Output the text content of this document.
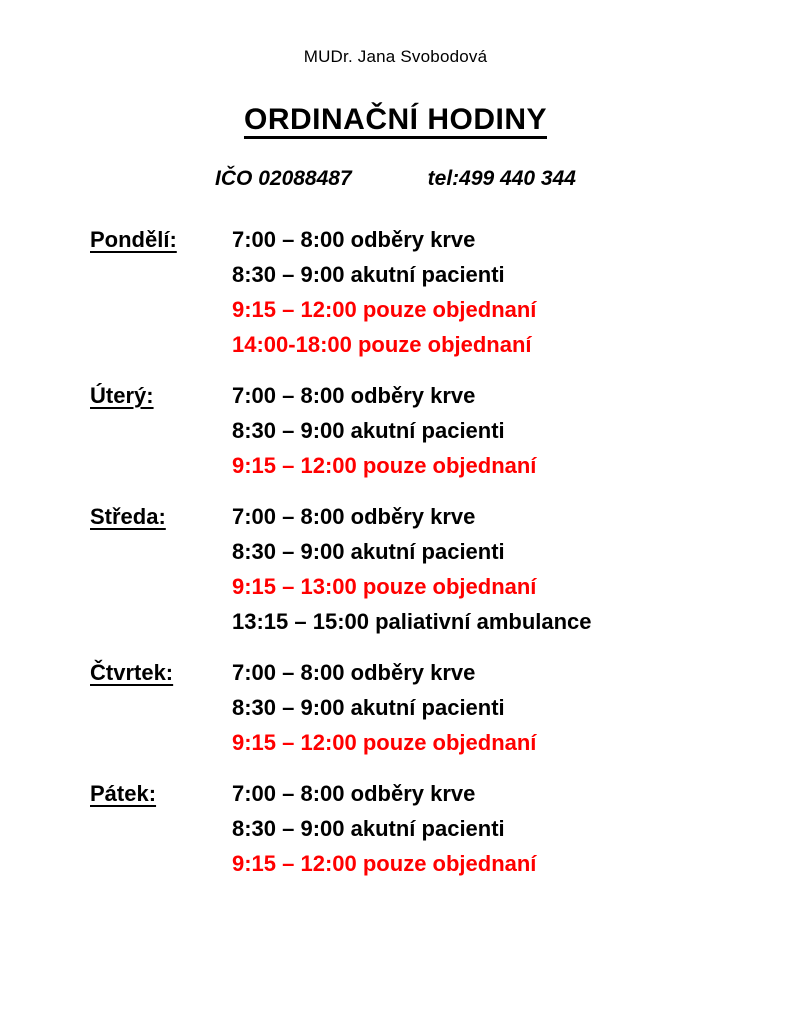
MUDr. Jana Svobodová
ORDINAČNÍ HODINY
IČO 02088487	tel:499 440 344
Pondělí:	7:00 – 8:00 odběry krve
8:30 – 9:00 akutní pacienti
9:15 – 12:00 pouze objednaní
14:00-18:00 pouze objednaní
Úterý:	7:00 – 8:00 odběry krve
8:30 – 9:00 akutní pacienti
9:15 – 12:00 pouze objednaní
Středa:	7:00 – 8:00 odběry krve
8:30 – 9:00 akutní pacienti
9:15 – 13:00 pouze objednaní
13:15 – 15:00 paliativní ambulance
Čtvrtek:	7:00 – 8:00 odběry krve
8:30 – 9:00 akutní pacienti
9:15 – 12:00 pouze objednaní
Pátek:	7:00 – 8:00 odběry krve
8:30 – 9:00 akutní pacienti
9:15 – 12:00 pouze objednaní
